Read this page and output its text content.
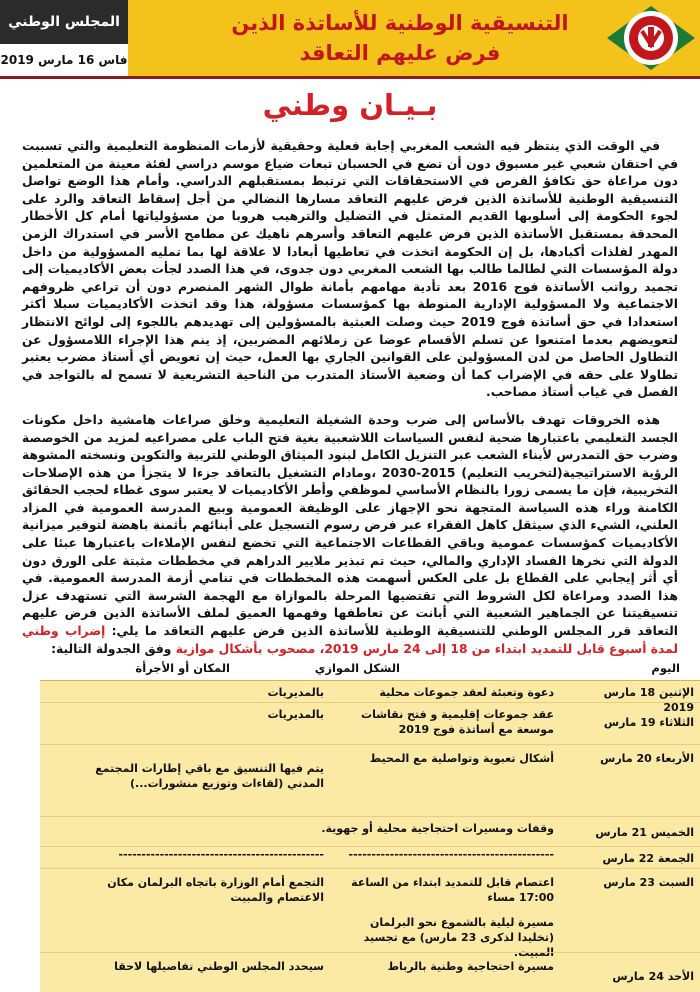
التنسيقية الوطنية للأساتذة الذين فرض عليهم التعاقد
المجلس الوطني
فاس 16 مارس 2019
بـيـان وطني

في الوقت الذي ينتظر فيه الشعب المغربي إجابة فعلية وحقيقية لأزمات المنظومة التعليمية والتي تسببت في احتقان شعبي غير مسبوق دون أن تضع في الحسبان تبعات ضياع موسم دراسي لفئة معينة من المتعلمين دون مراعاة حق تكافؤ الفرص في الاستحقاقات التي ترتبط بمستقبلهم الدراسي. وأمام هذا الوضع تواصل التنسيقية الوطنية للأساتذة الذين فرض عليهم التعاقد مسارها النضالي من أجل إسقاط التعاقد والرد على لجوء الحكومة إلى أسلوبها القديم المتمثل في التضليل والترهيب هروبا من مسؤولياتها أمام كل الأخطار المحدقة بمستقبل الأساتذة الذين فرض عليهم التعاقد وأسرهم ناهيك عن مطامح الأسر في استدراك الزمن المهدر لفلذات أكبادها، بل إن الحكومة اتخذت في تعاطيها أبعادا لا علاقة لها بما تمليه المسؤولية من داخل دولة المؤسسات التي لطالما طالب بها الشعب المغربي دون جدوى، في هذا الصدد لجأت بعض الأكاديميات إلى تجميد رواتب الأساتذة فوج 2016 بعد تأدية مهامهم بأمانة طوال الشهر المنصرم دون أن تراعي ظروفهم الاجتماعية ولا المسؤولية الإدارية المنوطة بها كمؤسسات مسؤولة، هذا وقد اتخذت الأكاديميات سبلا أكثر استعدادا في حق أساتذة فوج 2019 حيث وصلت العبثية بالمسؤولين إلى تهديدهم باللجوء إلى لوائح الانتظار لتعويضهم بعدما امتنعوا عن تسلم الأقسام عوضا عن زملائهم المضربين، إذ ينم هذا الإجراء اللامسؤول عن التطاول الحاصل من لدن المسؤولين على القوانين الجاري بها العمل، حيث إن تعويض أي أستاذ مضرب يعتبر تطاولا على حقه في الإضراب كما أن وضعية الأستاذ المتدرب من الناحية التشريعية لا تسمح له بالتواجد في الفصل في غياب أستاذ مصاحب.

هذه الخروقات تهدف بالأساس إلى ضرب وحدة الشغيلة التعليمية وخلق صراعات هامشية داخل مكونات الجسد التعليمي باعتبارها ضحية لنفس السياسات اللاشعبية بغية فتح الباب على مصراعيه لمزيد من الخوصصة وضرب حق التمدرس لأبناء الشعب عبر التنزيل الكامل لبنود الميثاق الوطني للتربية والتكوين ونسخته المشوهة الرؤية الاستراتيجية(لتخريب التعليم) 2015-2030 ،ومادام التشغيل بالتعاقد جزءا لا يتجزأ من هذه الإصلاحات التخريبية، فإن ما يسمى زورا بالنظام الأساسي لموظفي وأطر الأكاديميات لا يعتبر سوى غطاء لحجب الحقائق الكامنة وراء هذه السياسة المتجهة نحو الإجهاز على الوظيفة العمومية وبيع المدرسة العمومية في المزاد العلني، الشيء الذي سيثقل كاهل الفقراء عبر فرض رسوم التسجيل على أبنائهم بأثمنة باهضة لتوفير ميزانية الأكاديميات كمؤسسات عمومية وباقي القطاعات الاجتماعية التي تخضع لنفس الإملاءات باعتبارها عبئا على الدولة التي نخرها الفساد الإداري والمالي، حيث تم تبذير ملايير الدراهم في مخططات مثبتة على الورق دون أي أثر إيجابي على القطاع بل على العكس أسهمت هذه المخططات في تنامي أزمة المدرسة العمومية. في هذا الصدد ومراعاة لكل الشروط التي تقتضيها المرحلة بالموازاة مع الهجمة الشرسة التي تستهدف عزل تنسيقيتنا عن الجماهير الشعبية التي أبانت عن تعاطفها وفهمها العميق لملف الأساتذة الذين فرض عليهم التعاقد قرر المجلس الوطني للتنسيقية الوطنية للأساتذة الذين فرض عليهم التعاقد ما يلي: إضراب وطني لمدة أسبوع قابل للتمديد ابتداء من 18 إلى 24 مارس 2019، مصحوب بأشكال موازية وفق الجدولة التالية:

اليوم
الشكل الموازي
المكان أو الأجرأة
الإثنين 18 مارس 2019
دعوة وتعبئة لعقد جموعات محلية
بالمديريات
الثلاثاء 19 مارس
عقد جموعات إقليمية و فتح نقاشات موسعة مع أساتذة فوج 2019
بالمديريات
الأربعاء 20 مارس
أشكال تعبوية وتواصلية مع المحيط
يتم فيها التنسيق مع باقي إطارات المجتمع المدني (لقاءات وتوزيع منشورات...)
الخميس 21 مارس
وقفات ومسيرات احتجاجية محلية أو جهوية.
الجمعة 22 مارس
---------------------------------------------
---------------------------------------------
السبت 23 مارس
اعتصام قابل للتمديد ابتداء من الساعة 17:00 مساء
التجمع أمام الوزارة باتجاه البرلمان مكان الاعتصام والمبيت
مسيرة ليلية بالشموع نحو البرلمان (تخليدا لذكرى 23 مارس) مع تجسيد المبيت.
الأحد 24 مارس
مسيرة احتجاجية وطنية بالرباط
سيحدد المجلس الوطني تفاصيلها لاحقا
